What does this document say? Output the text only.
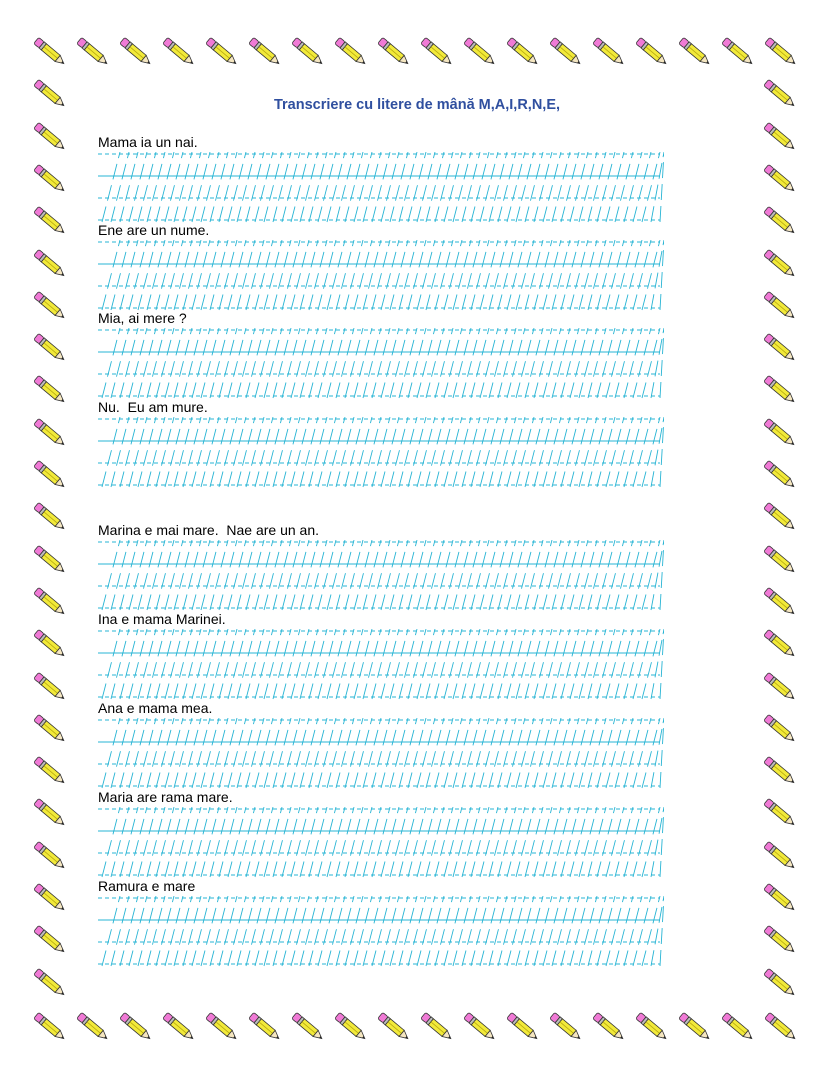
Transcriere cu litere de mână M,A,I,R,N,E,
Mama ia un nai.
Ene are un nume.
Mia, ai mere ?
Nu.  Eu am mure.
Marina e mai mare.  Nae are un an.
Ina e mama Marinei.
Ana e mama mea.
Maria are rama mare.
Ramura e mare
